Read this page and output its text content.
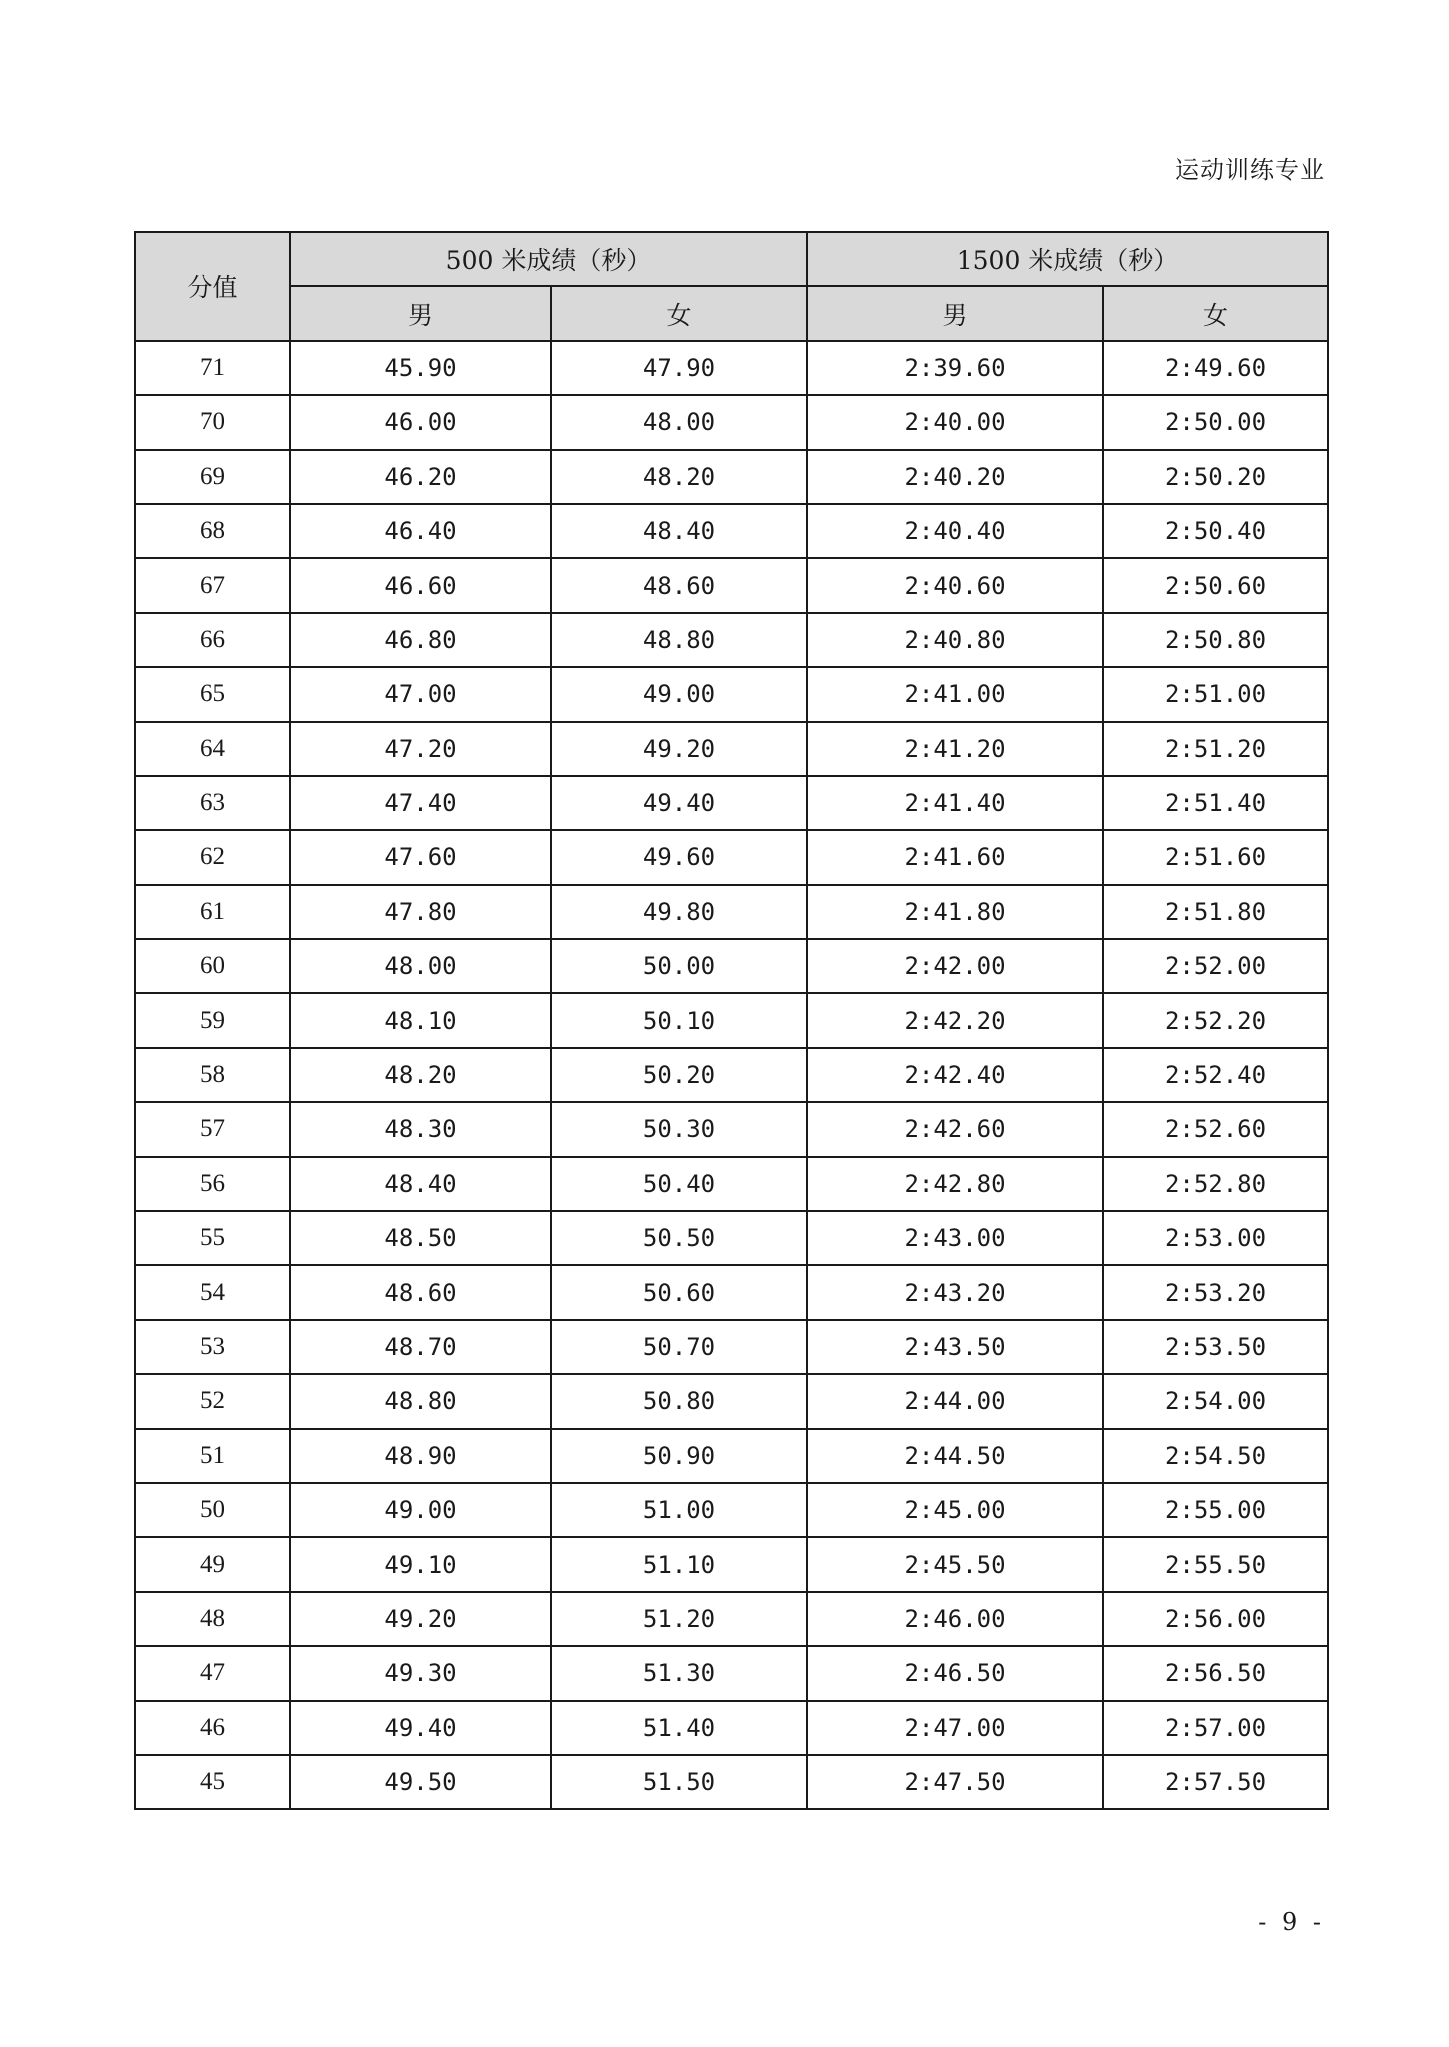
运动训练专业
分值	500 米成绩（秒）		1500 米成绩（秒）	
	男	女	男	女
71	45.90	47.90	2:39.60	2:49.60
70	46.00	48.00	2:40.00	2:50.00
69	46.20	48.20	2:40.20	2:50.20
68	46.40	48.40	2:40.40	2:50.40
67	46.60	48.60	2:40.60	2:50.60
66	46.80	48.80	2:40.80	2:50.80
65	47.00	49.00	2:41.00	2:51.00
64	47.20	49.20	2:41.20	2:51.20
63	47.40	49.40	2:41.40	2:51.40
62	47.60	49.60	2:41.60	2:51.60
61	47.80	49.80	2:41.80	2:51.80
60	48.00	50.00	2:42.00	2:52.00
59	48.10	50.10	2:42.20	2:52.20
58	48.20	50.20	2:42.40	2:52.40
57	48.30	50.30	2:42.60	2:52.60
56	48.40	50.40	2:42.80	2:52.80
55	48.50	50.50	2:43.00	2:53.00
54	48.60	50.60	2:43.20	2:53.20
53	48.70	50.70	2:43.50	2:53.50
52	48.80	50.80	2:44.00	2:54.00
51	48.90	50.90	2:44.50	2:54.50
50	49.00	51.00	2:45.00	2:55.00
49	49.10	51.10	2:45.50	2:55.50
48	49.20	51.20	2:46.00	2:56.00
47	49.30	51.30	2:46.50	2:56.50
46	49.40	51.40	2:47.00	2:57.00
45	49.50	51.50	2:47.50	2:57.50
- 9 -
